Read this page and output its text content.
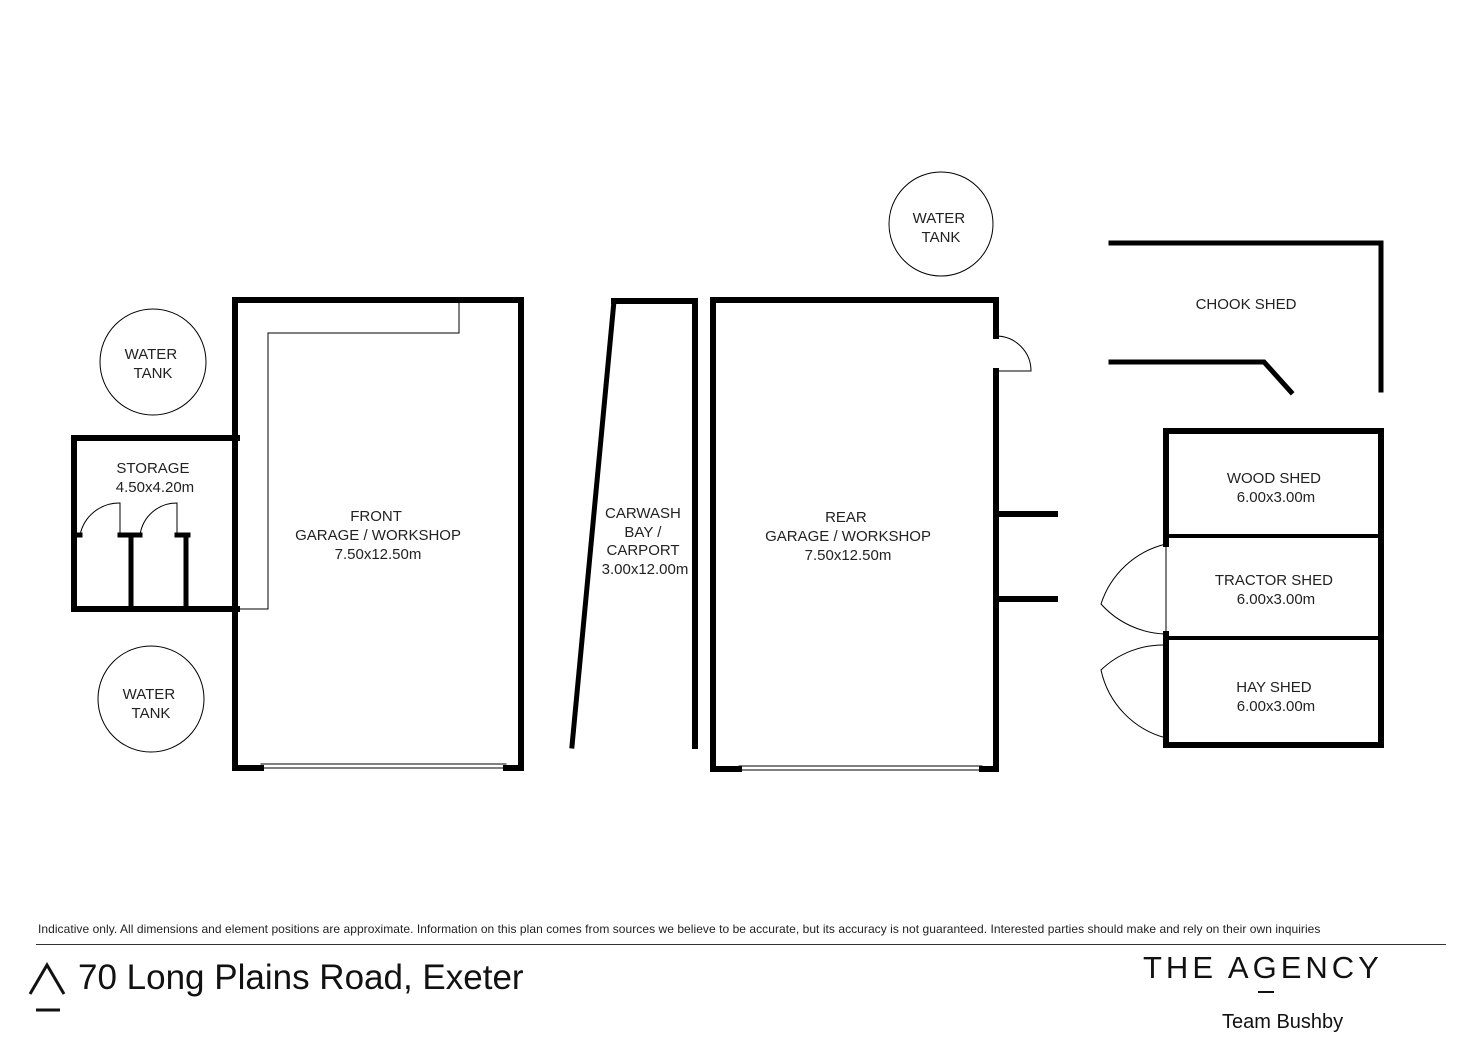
WATER TANK
WATER TANK
WATER TANK
STORAGE 4.50x4.20m
FRONT GARAGE / WORKSHOP 7.50x12.50m
CARWASH BAY / CARPORT 3.00x12.00m
REAR GARAGE / WORKSHOP 7.50x12.50m
CHOOK SHED
WOOD SHED 6.00x3.00m
TRACTOR SHED 6.00x3.00m
HAY SHED 6.00x3.00m
Indicative only. All dimensions and element positions are approximate. Information on this plan comes from sources we believe to be accurate, but its accuracy is not guaranteed. Interested parties should make and rely on their own inquiries
70 Long Plains Road, Exeter	THE AGENCY
Team Bushby
